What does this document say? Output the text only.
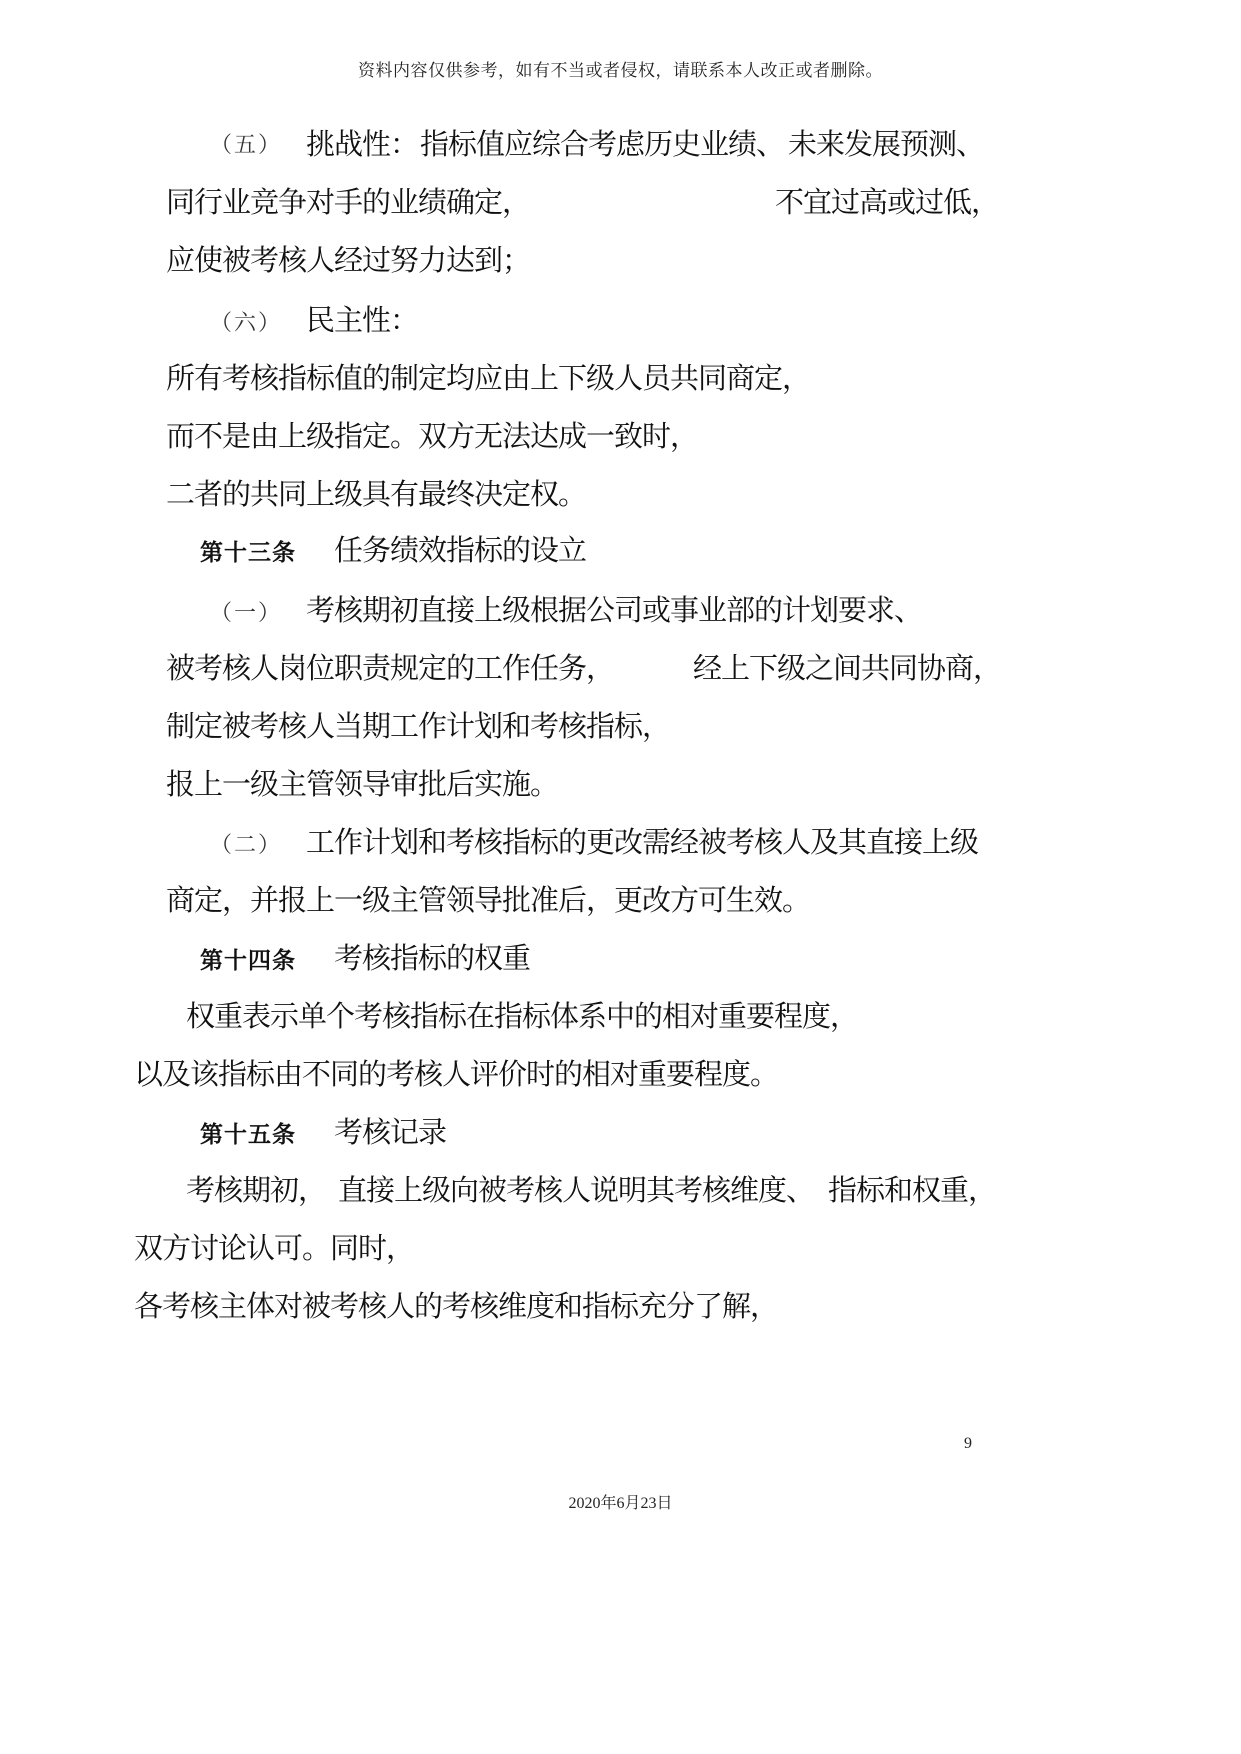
资料内容仅供参考，如有不当或者侵权，请联系本人改正或者删除。
（五） 挑战性： 指标值应综合考虑历史业绩、 未来发展预测、
同行业竞争对手的业绩确定，	不宜过高或过低，
应使被考核人经过努力达到；
（六） 民主性：
所有考核指标值的制定均应由上下级人员共同商定，
而不是由上级指定。双方无法达成一致时，
二者的共同上级具有最终决定权。
第十三条 任务绩效指标的设立
（一） 考核期初直接上级根据公司或事业部的计划要求、
被考核人岗位职责规定的工作任务，	经上下级之间共同协商，
制定被考核人当期工作计划和考核指标，
报上一级主管领导审批后实施。
（二） 工作计划和考核指标的更改需经被考核人及其直接上级
商定，并报上一级主管领导批准后，更改方可生效。
第十四条 考核指标的权重
权重表示单个考核指标在指标体系中的相对重要程度，
以及该指标由不同的考核人评价时的相对重要程度。
第十五条 考核记录
考核期初， 直接上级向被考核人说明其考核维度、 指标和权重，
双方讨论认可。同时，
各考核主体对被考核人的考核维度和指标充分了解，
9
2020年6月23日
